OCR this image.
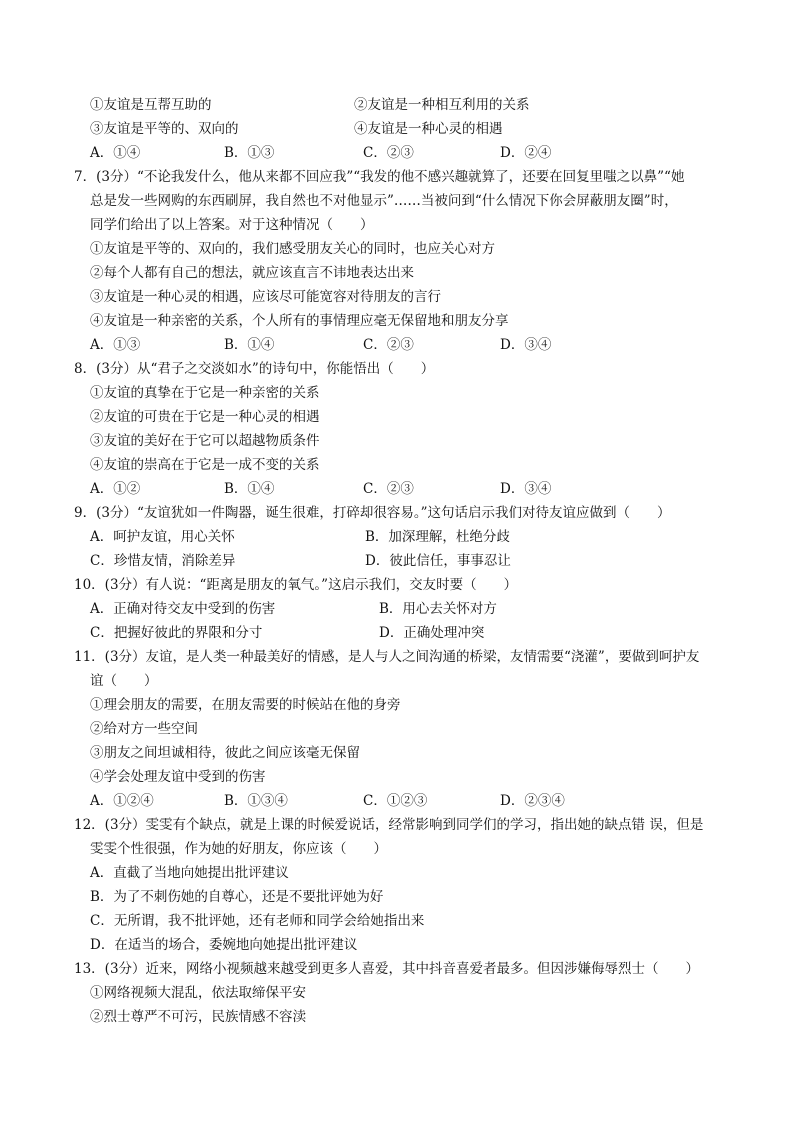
①友谊是互帮互助的	②友谊是一种相互利用的关系
③友谊是平等的、双向的	④友谊是一种心灵的相遇
A．①④	B．①③	C．②③	D．②④
7．(3分）“不论我发什么，他从来都不回应我”“我发的他不感兴趣就算了，还要在回复里嗤之以鼻”“她
总是发一些网购的东西刷屏，我自然也不对他显示”……当被问到“什么情况下你会屏蔽朋友圈”时，
同学们给出了以上答案。对于这种情况（　　）
①友谊是平等的、双向的，我们感受朋友关心的同时，也应关心对方
②每个人都有自己的想法，就应该直言不讳地表达出来
③友谊是一种心灵的相遇，应该尽可能宽容对待朋友的言行
④友谊是一种亲密的关系，个人所有的事情理应毫无保留地和朋友分享
A．①③	B．①④	C．②③	D．③④
8．(3分）从“君子之交淡如水”的诗句中，你能悟出（　　）
①友谊的真挚在于它是一种亲密的关系
②友谊的可贵在于它是一种心灵的相遇
③友谊的美好在于它可以超越物质条件
④友谊的崇高在于它是一成不变的关系
A．①②	B．①④	C．②③	D．③④
9．(3分）“友谊犹如一件陶器，诞生很难，打碎却很容易。”这句话启示我们对待友谊应做到（　　）
A．呵护友谊，用心关怀	B．加深理解，杜绝分歧
C．珍惜友情，消除差异	D．彼此信任，事事忍让
10．(3分）有人说：“距离是朋友的氧气。”这启示我们，交友时要（　　）
A．正确对待交友中受到的伤害	B．用心去关怀对方
C．把握好彼此的界限和分寸	D．正确处理冲突
11．(3分）友谊，是人类一种最美好的情感，是人与人之间沟通的桥梁，友情需要“浇灌”，要做到呵护友
谊（　　）
①理会朋友的需要，在朋友需要的时候站在他的身旁
②给对方一些空间
③朋友之间坦诚相待，彼此之间应该毫无保留
④学会处理友谊中受到的伤害
A．①②④	B．①③④	C．①②③	D．②③④
12．(3分）雯雯有个缺点，就是上课的时候爱说话，经常影响到同学们的学习，指出她的缺点错 误，但是
雯雯个性很强，作为她的好朋友，你应该（　　）
A．直截了当地向她提出批评建议
B．为了不刺伤她的自尊心，还是不要批评她为好
C．无所谓，我不批评她，还有老师和同学会给她指出来
D．在适当的场合，委婉地向她提出批评建议
13．(3分）近来，网络小视频越来越受到更多人喜爱，其中抖音喜爱者最多。但因涉嫌侮辱烈士（　　）
①网络视频大混乱，依法取缔保平安
②烈士尊严不可污，民族情感不容渎
